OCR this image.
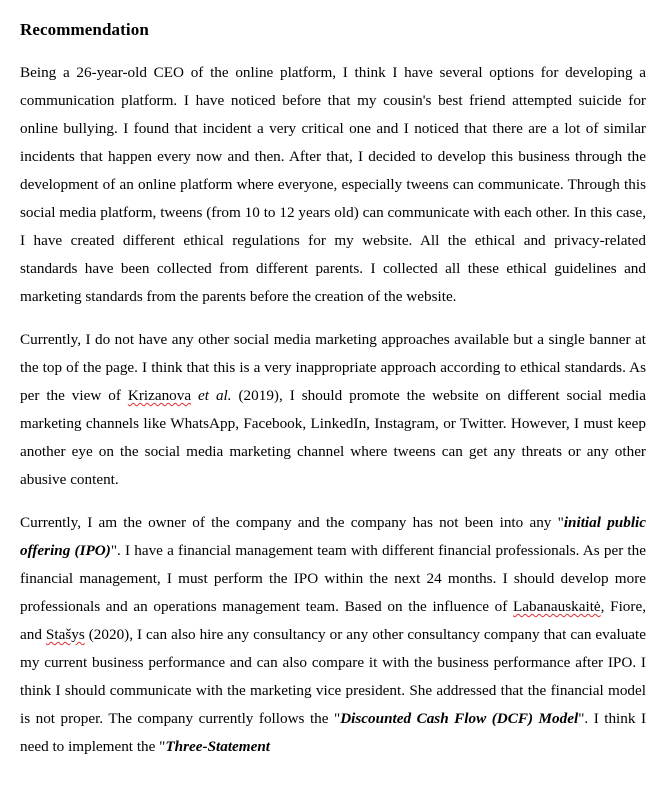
Recommendation

Being a 26-year-old CEO of the online platform, I think I have several options for developing a communication platform. I have noticed before that my cousin's best friend attempted suicide for online bullying. I found that incident a very critical one and I noticed that there are a lot of similar incidents that happen every now and then. After that, I decided to develop this business through the development of an online platform where everyone, especially tweens can communicate. Through this social media platform, tweens (from 10 to 12 years old) can communicate with each other. In this case, I have created different ethical regulations for my website. All the ethical and privacy-related standards have been collected from different parents. I collected all these ethical guidelines and marketing standards from the parents before the creation of the website.

Currently, I do not have any other social media marketing approaches available but a single banner at the top of the page. I think that this is a very inappropriate approach according to ethical standards. As per the view of Krizanova et al. (2019), I should promote the website on different social media marketing channels like WhatsApp, Facebook, LinkedIn, Instagram, or Twitter. However, I must keep another eye on the social media marketing channel where tweens can get any threats or any other abusive content.

Currently, I am the owner of the company and the company has not been into any "initial public offering (IPO)". I have a financial management team with different financial professionals. As per the financial management, I must perform the IPO within the next 24 months. I should develop more professionals and an operations management team. Based on the influence of Labanauskaitė, Fiore, and Stašys (2020), I can also hire any consultancy or any other consultancy company that can evaluate my current business performance and can also compare it with the business performance after IPO. I think I should communicate with the marketing vice president. She addressed that the financial model is not proper. The company currently follows the "Discounted Cash Flow (DCF) Model". I think I need to implement the "Three-Statement
